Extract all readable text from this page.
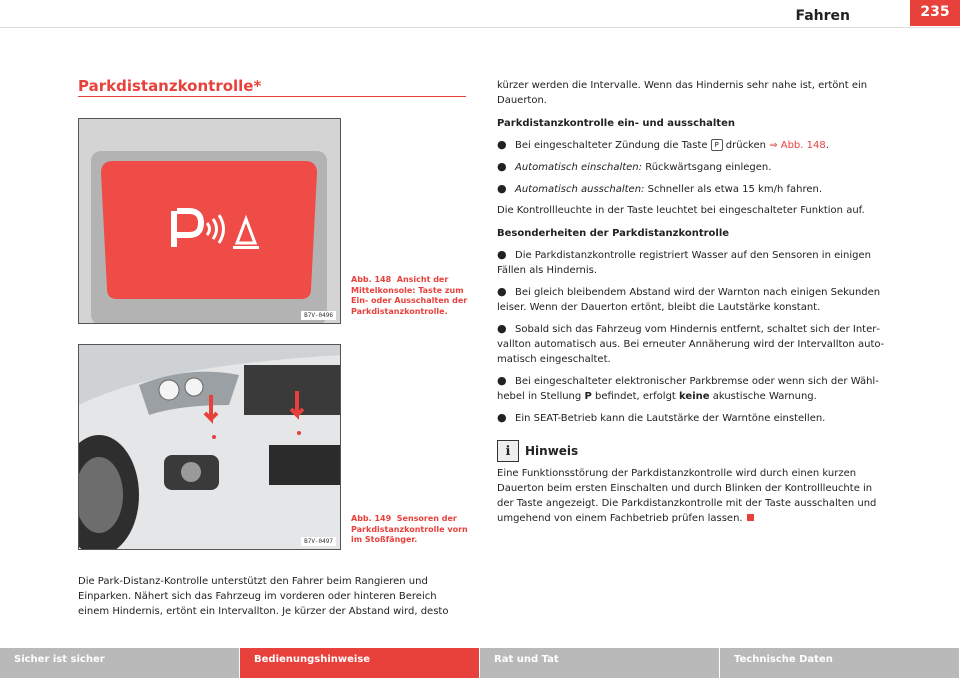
Fahren	235
Parkdistanzkontrolle*
B7V-0496
Abb. 148 Ansicht der Mittelkonsole: Taste zum Ein- oder Ausschalten der Parkdistanzkontrolle.
B7V-0497
Abb. 149 Sensoren der Parkdistanzkontrolle vorn im Stoßfänger.
Die Park-Distanz-Kontrolle unterstützt den Fahrer beim Rangieren und Einparken. Nähert sich das Fahrzeug im vorderen oder hinteren Bereich einem Hindernis, ertönt ein Intervallton. Je kürzer der Abstand wird, desto

kürzer werden die Intervalle. Wenn das Hindernis sehr nahe ist, ertönt ein Dauerton.

Parkdistanzkontrolle ein- und ausschalten
● Bei eingeschalteter Zündung die Taste P drücken ⇒ Abb. 148.
● Automatisch einschalten: Rückwärtsgang einlegen.
● Automatisch ausschalten: Schneller als etwa 15 km/h fahren.

Die Kontrollleuchte in der Taste leuchtet bei eingeschalteter Funktion auf.

Besonderheiten der Parkdistanzkontrolle
● Die Parkdistanzkontrolle registriert Wasser auf den Sensoren in einigen Fällen als Hindernis.
● Bei gleich bleibendem Abstand wird der Warnton nach einigen Sekunden leiser. Wenn der Dauerton ertönt, bleibt die Lautstärke konstant.
● Sobald sich das Fahrzeug vom Hindernis entfernt, schaltet sich der Intervallton automatisch aus. Bei erneuter Annäherung wird der Intervallton automatisch eingeschaltet.
● Bei eingeschalteter elektronischer Parkbremse oder wenn sich der Wählhebel in Stellung P befindet, erfolgt keine akustische Warnung.
● Ein SEAT-Betrieb kann die Lautstärke der Warntöne einstellen.
ℹ	Hinweis

Eine Funktionsstörung der Parkdistanzkontrolle wird durch einen kurzen Dauerton beim ersten Einschalten und durch Blinken der Kontrollleuchte in der Taste angezeigt. Die Parkdistanzkontrolle mit der Taste ausschalten und umgehend von einem Fachbetrieb prüfen lassen.

Sicher ist sicher	Bedienungshinweise	Rat und Tat	Technische Daten
